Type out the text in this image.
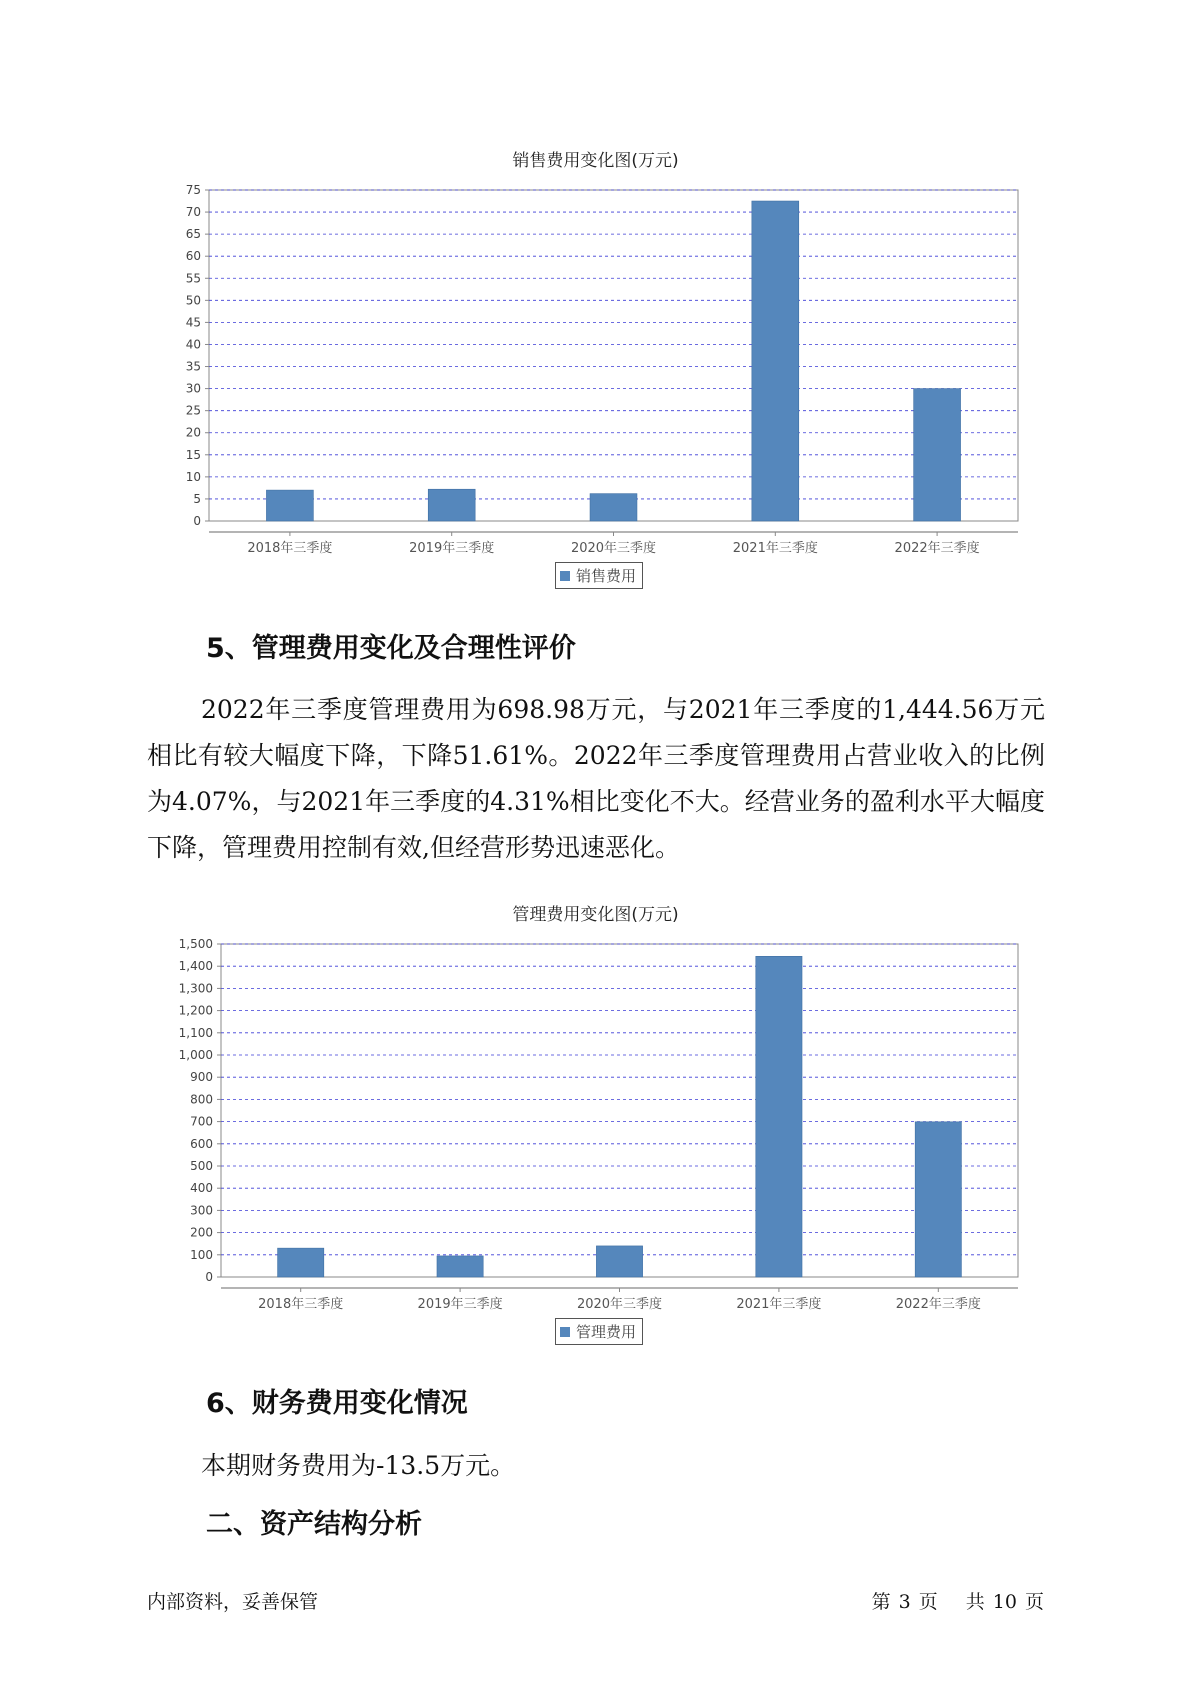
销售费用变化图(万元)
0
5
10
15
20
25
30
35
40
45
50
55
60
65
70
75
2018年三季度	2019年三季度	2020年三季度	2021年三季度	2022年三季度
销售费用
5、管理费用变化及合理性评价
2022年三季度管理费用为698.98万元，与2021年三季度的1,444.56万元相比有较大幅度下降，下降51.61%。2022年三季度管理费用占营业收入的比例为4.07%，与2021年三季度的4.31%相比变化不大。经营业务的盈利水平大幅度下降，管理费用控制有效,但经营形势迅速恶化。
管理费用变化图(万元)
0
100
200
300
400
500
600
700
800
900
1,000
1,100
1,200
1,300
1,400
1,500
2018年三季度	2019年三季度	2020年三季度	2021年三季度	2022年三季度
管理费用
6、财务费用变化情况
本期财务费用为-13.5万元。
二、资产结构分析
内部资料，妥善保管	第 3 页 共 10 页
